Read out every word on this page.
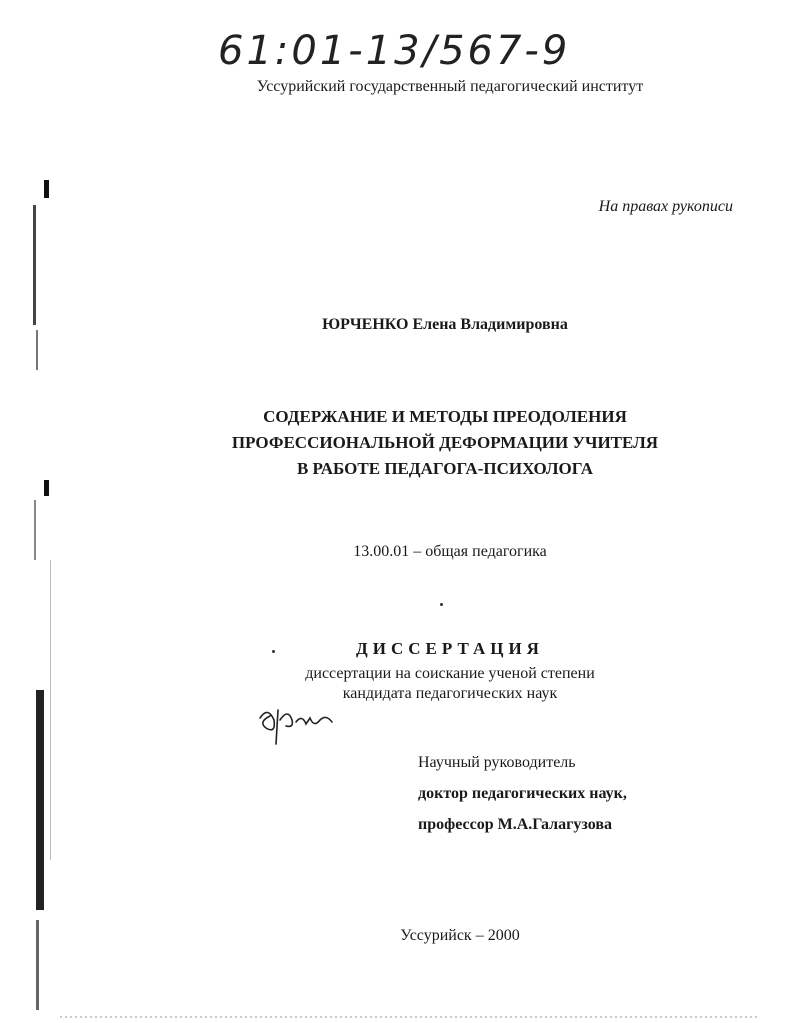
61:01-13/567-9
Уссурийский государственный педагогический институт
На правах рукописи
ЮРЧЕНКО Елена Владимировна
СОДЕРЖАНИЕ И МЕТОДЫ ПРЕОДОЛЕНИЯ
ПРОФЕССИОНАЛЬНОЙ ДЕФОРМАЦИИ УЧИТЕЛЯ
В РАБОТЕ ПЕДАГОГА-ПСИХОЛОГА
13.00.01 – общая педагогика
ДИССЕРТАЦИЯ
диссертации на соискание ученой степени
кандидата педагогических наук
Научный руководитель
доктор педагогических наук,
профессор М.А.Галагузова
Уссурийск – 2000
